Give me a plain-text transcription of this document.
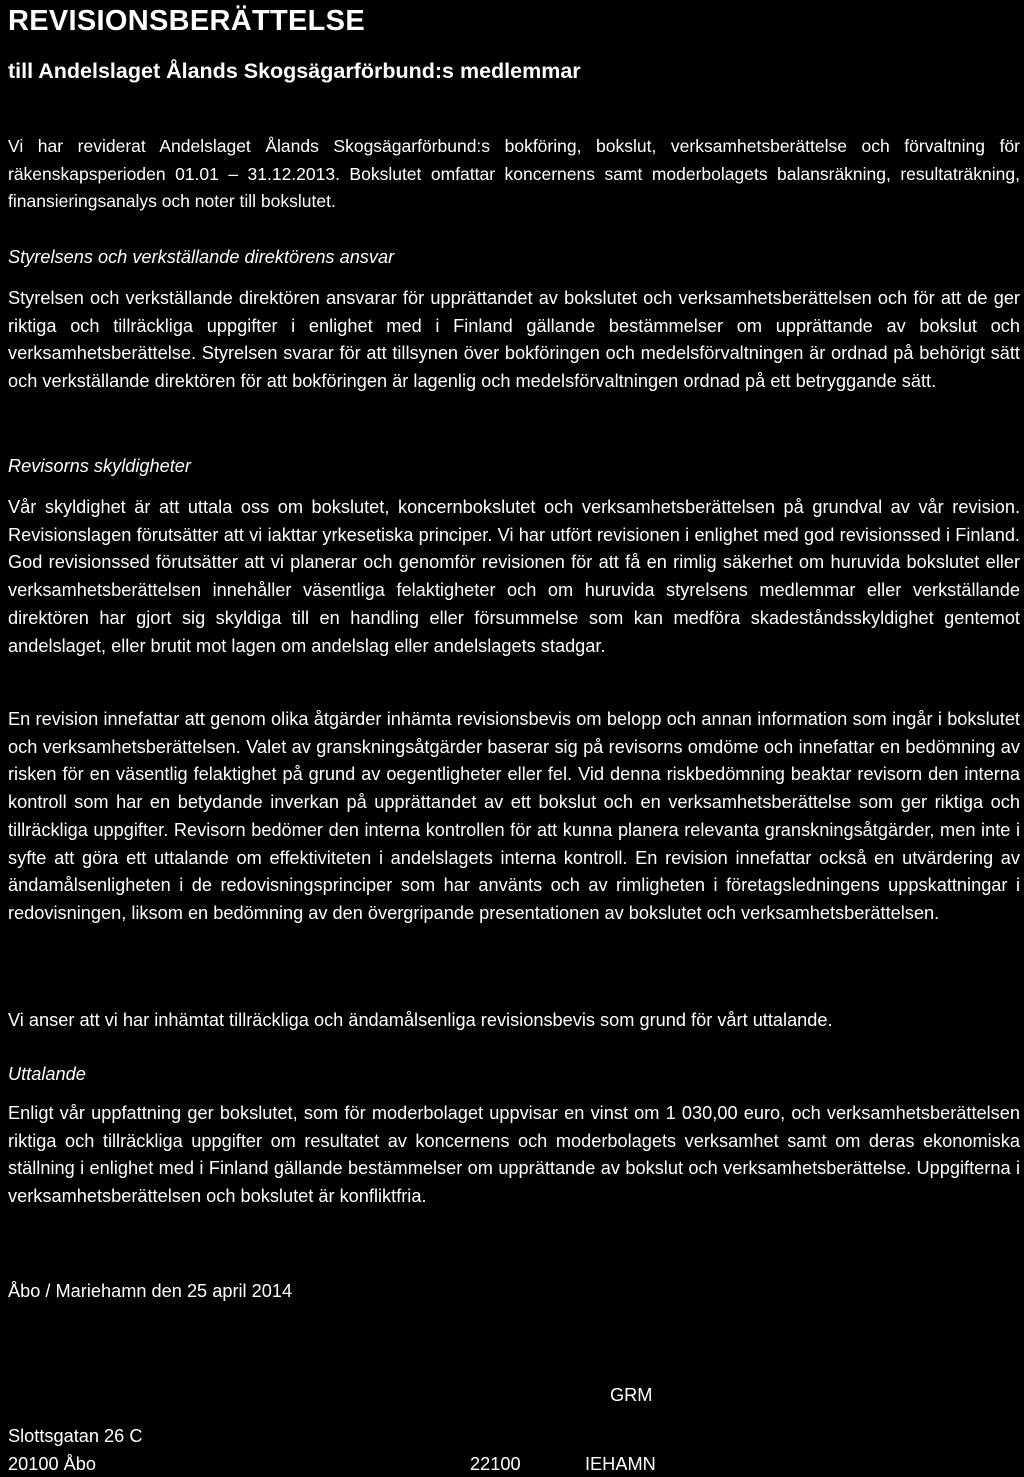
REVISIONSBERÄTTELSE
till Andelslaget Ålands Skogsägarförbund:s medlemmar

Vi har reviderat Andelslaget Ålands Skogsägarförbund:s bokföring, bokslut, verksamhetsberättelse och förvaltning för räkenskapsperioden 01.01 – 31.12.2013. Bokslutet omfattar koncernens samt moderbolagets balansräkning, resultaträkning, finansieringsanalys och noter till bokslutet.

Styrelsens och verkställande direktörens ansvar

Styrelsen och verkställande direktören ansvarar för upprättandet av bokslutet och verksamhetsberättelsen och för att de ger riktiga och tillräckliga uppgifter i enlighet med i Finland gällande bestämmelser om upprättande av bokslut och verksamhetsberättelse. Styrelsen svarar för att tillsynen över bokföringen och medelsförvaltningen är ordnad på behörigt sätt och verkställande direktören för att bokföringen är lagenlig och medelsförvaltningen ordnad på ett betryggande sätt.

Revisorns skyldigheter

Vår skyldighet är att uttala oss om bokslutet, koncernbokslutet och verksamhetsberättelsen på grundval av vår revision. Revisionslagen förutsätter att vi iakttar yrkesetiska principer. Vi har utfört revisionen i enlighet med god revisionssed i Finland. God revisionssed förutsätter att vi planerar och genomför revisionen för att få en rimlig säkerhet om huruvida bokslutet eller verksamhetsberättelsen innehåller väsentliga felaktigheter och om huruvida styrelsens medlemmar eller verkställande direktören har gjort sig skyldiga till en handling eller försummelse som kan medföra skadeståndsskyldighet gentemot andelslaget, eller brutit mot lagen om andelslag eller andelslagets stadgar.

En revision innefattar att genom olika åtgärder inhämta revisionsbevis om belopp och annan information som ingår i bokslutet och verksamhetsberättelsen. Valet av granskningsåtgärder baserar sig på revisorns omdöme och innefattar en bedömning av risken för en väsentlig felaktighet på grund av oegentligheter eller fel. Vid denna riskbedömning beaktar revisorn den interna kontroll som har en betydande inverkan på upprättandet av ett bokslut och en verksamhetsberättelse som ger riktiga och tillräckliga uppgifter. Revisorn bedömer den interna kontrollen för att kunna planera relevanta granskningsåtgärder, men inte i syfte att göra ett uttalande om effektiviteten i andelslagets interna kontroll. En revision innefattar också en utvärdering av ändamålsenligheten i de redovisningsprinciper som har använts och av rimligheten i företagsledningens uppskattningar i redovisningen, liksom en bedömning av den övergripande presentationen av bokslutet och verksamhetsberättelsen.

Vi anser att vi har inhämtat tillräckliga och ändamålsenliga revisionsbevis som grund för vårt uttalande.

Uttalande

Enligt vår uppfattning ger bokslutet, som för moderbolaget uppvisar en vinst om 1 030,00 euro, och verksamhetsberättelsen riktiga och tillräckliga uppgifter om resultatet av koncernens och moderbolagets verksamhet samt om deras ekonomiska ställning i enlighet med i Finland gällande bestämmelser om upprättande av bokslut och verksamhetsberättelse. Uppgifterna i verksamhetsberättelsen och bokslutet är konfliktfria.

Åbo / Mariehamn den 25 april 2014
GRM
Slottsgatan 26 C
20100 Åbo	22100	IEHAMN
